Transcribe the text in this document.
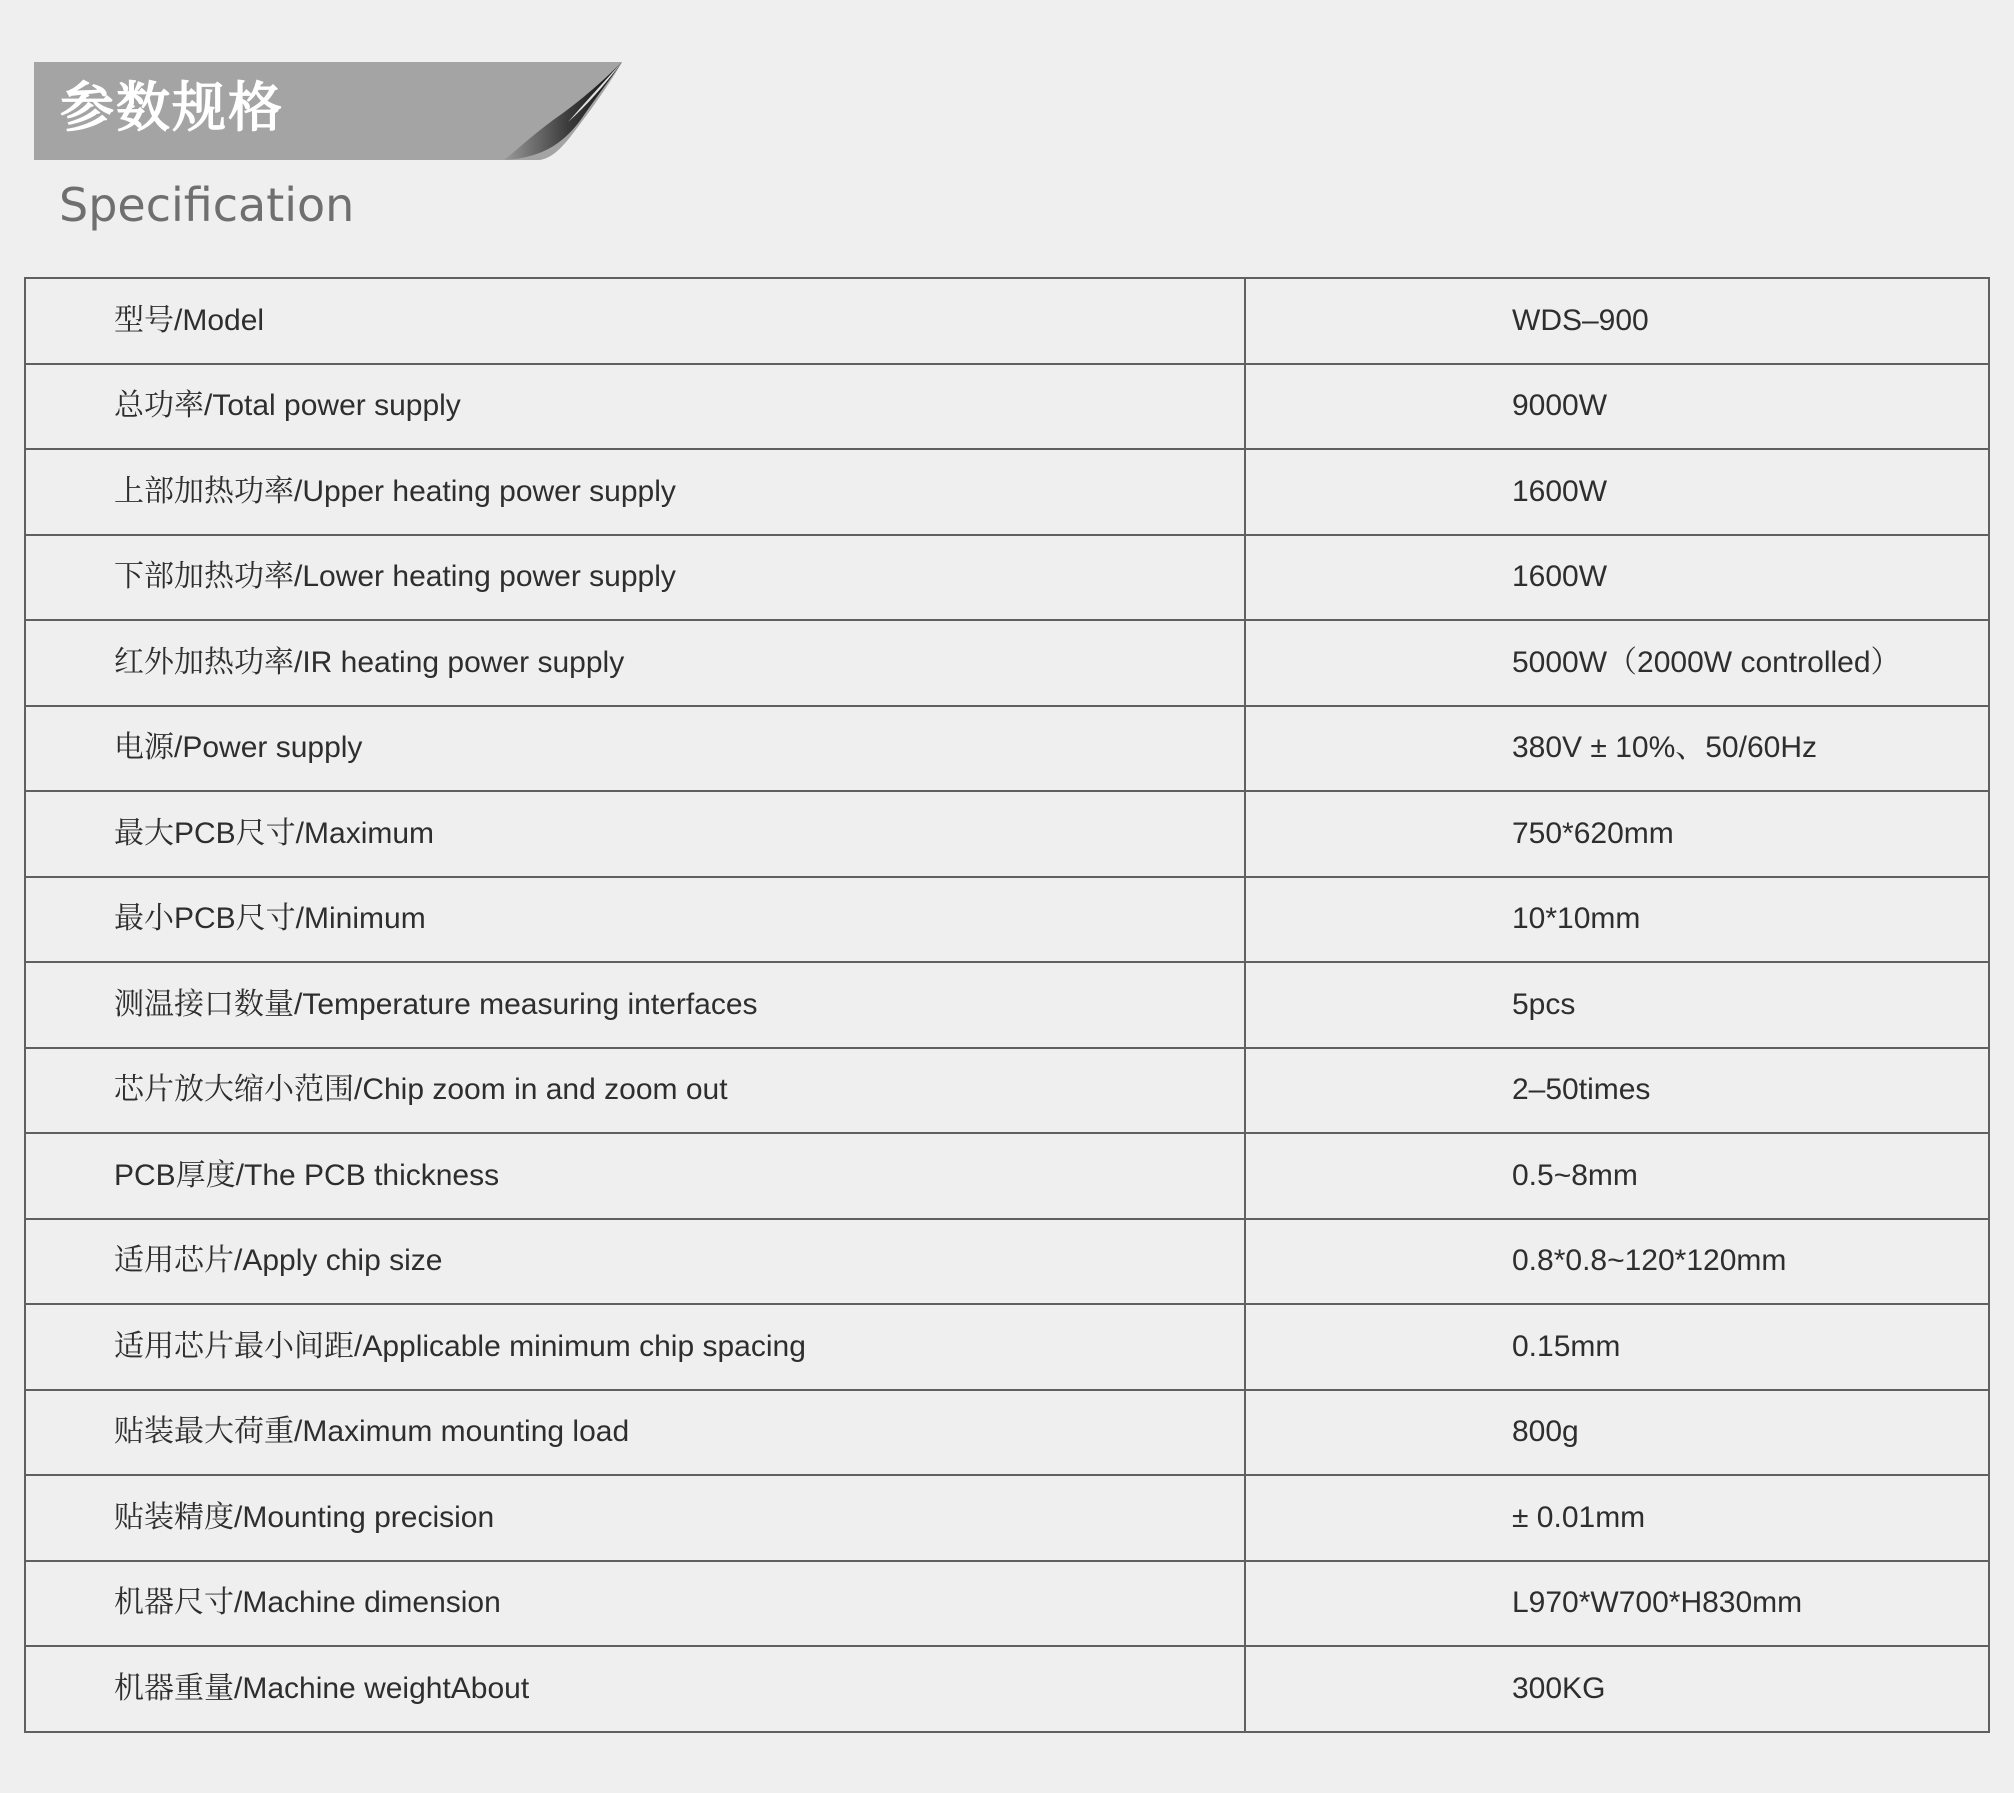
参数规格
Specification
型号/Model	WDS–900
总功率/Total power supply	9000W
上部加热功率/Upper heating power supply	1600W
下部加热功率/Lower heating power supply	1600W
红外加热功率/IR heating power supply	5000W（2000W controlled）
电源/Power supply	380V ± 10%、50/60Hz
最大PCB尺寸/Maximum	750*620mm
最小PCB尺寸/Minimum	10*10mm
测温接口数量/Temperature measuring interfaces	5pcs
芯片放大缩小范围/Chip zoom in and zoom out	2–50times
PCB厚度/The PCB thickness	0.5~8mm
适用芯片/Apply chip size	0.8*0.8~120*120mm
适用芯片最小间距/Applicable minimum chip spacing	0.15mm
贴装最大荷重/Maximum mounting load	800g
贴装精度/Mounting precision	± 0.01mm
机器尺寸/Machine dimension	L970*W700*H830mm
机器重量/Machine weightAbout	300KG
